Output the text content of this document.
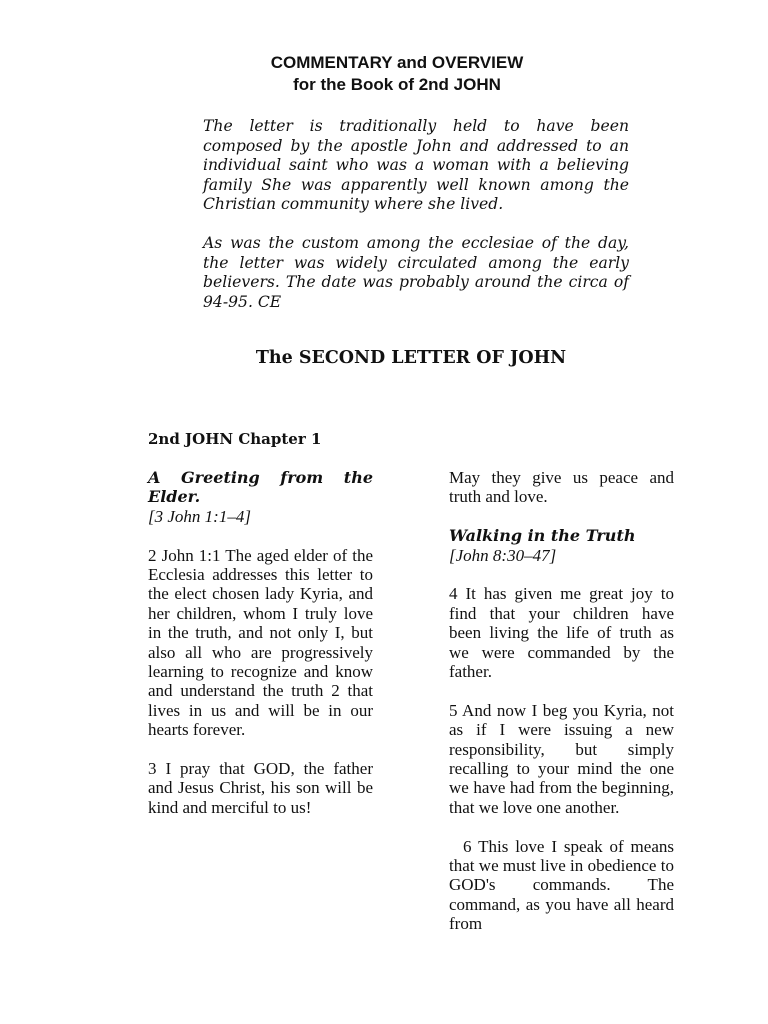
COMMENTARY and OVERVIEW
for the Book of 2nd JOHN

The letter is traditionally held to have been composed by the apostle John and addressed to an individual saint who was a woman with a believing family She was apparently well known among the Christian community where she lived.

As was the custom among the ecclesiae of the day, the letter was widely circulated among the early believers. The date was probably around the circa of 94-95. CE

The SECOND LETTER OF JOHN
2nd JOHN Chapter 1

A Greeting from the Elder.
[3 John 1:1–4]

2 John 1:1 The aged elder of the Ecclesia addresses this letter to the elect chosen lady Kyria, and her children, whom I truly love in the truth, and not only I, but also all who are progressively learning to recognize and know and understand the truth 2 that lives in us and will be in our hearts forever.

3 I pray that GOD, the father and Jesus Christ, his son will be kind and merciful to us!

May they give us peace and truth and love.

Walking in the Truth
[John 8:30–47]

4 It has given me great joy to find that your children have been living the life of truth as we were commanded by the father.

5 And now I beg you Kyria, not as if I were issuing a new responsibility, but simply recalling to your mind the one we have had from the beginning, that we love one another.

6 This love I speak of means that we must live in obedience to GOD's commands. The command, as you have all heard from
